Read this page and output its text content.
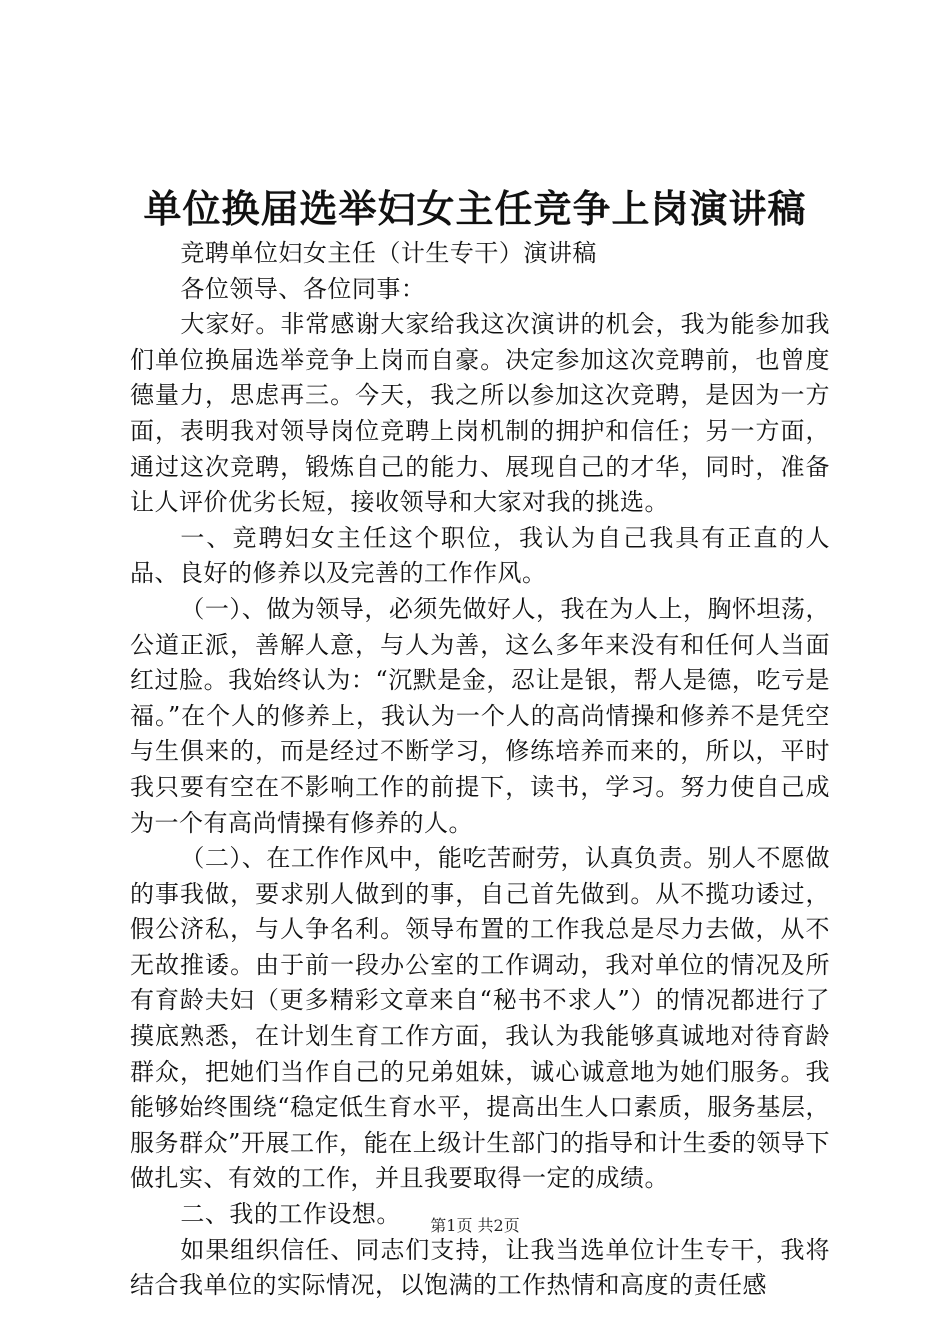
单位换届选举妇女主任竞争上岗演讲稿

竞聘单位妇女主任（计生专干）演讲稿

各位领导、各位同事：

大家好。非常感谢大家给我这次演讲的机会，我为能参加我们单位换届选举竞争上岗而自豪。决定参加这次竞聘前，也曾度德量力，思虑再三。今天，我之所以参加这次竞聘，是因为一方面，表明我对领导岗位竞聘上岗机制的拥护和信任；另一方面，通过这次竞聘，锻炼自己的能力、展现自己的才华，同时，准备让人评价优劣长短，接收领导和大家对我的挑选。

一、竞聘妇女主任这个职位，我认为自己我具有正直的人品、良好的修养以及完善的工作作风。

（一）、做为领导，必须先做好人，我在为人上，胸怀坦荡，公道正派，善解人意，与人为善，这么多年来没有和任何人当面红过脸。我始终认为：“沉默是金，忍让是银，帮人是德，吃亏是福。”在个人的修养上，我认为一个人的高尚情操和修养不是凭空与生俱来的，而是经过不断学习，修练培养而来的，所以，平时我只要有空在不影响工作的前提下，读书，学习。努力使自己成为一个有高尚情操有修养的人。

（二）、在工作作风中，能吃苦耐劳，认真负责。别人不愿做的事我做，要求别人做到的事，自己首先做到。从不揽功诿过，假公济私，与人争名利。领导布置的工作我总是尽力去做，从不无故推诿。由于前一段办公室的工作调动，我对单位的情况及所有育龄夫妇（更多精彩文章来自“秘书不求人”）的情况都进行了摸底熟悉，在计划生育工作方面，我认为我能够真诚地对待育龄群众，把她们当作自己的兄弟姐妹，诚心诚意地为她们服务。我能够始终围绕“稳定低生育水平，提高出生人口素质，服务基层，服务群众”开展工作，能在上级计生部门的指导和计生委的领导下做扎实、有效的工作，并且我要取得一定的成绩。

二、我的工作设想。

如果组织信任、同志们支持，让我当选单位计生专干，我将结合我单位的实际情况，以饱满的工作热情和高度的责任感

第1页 共2页
